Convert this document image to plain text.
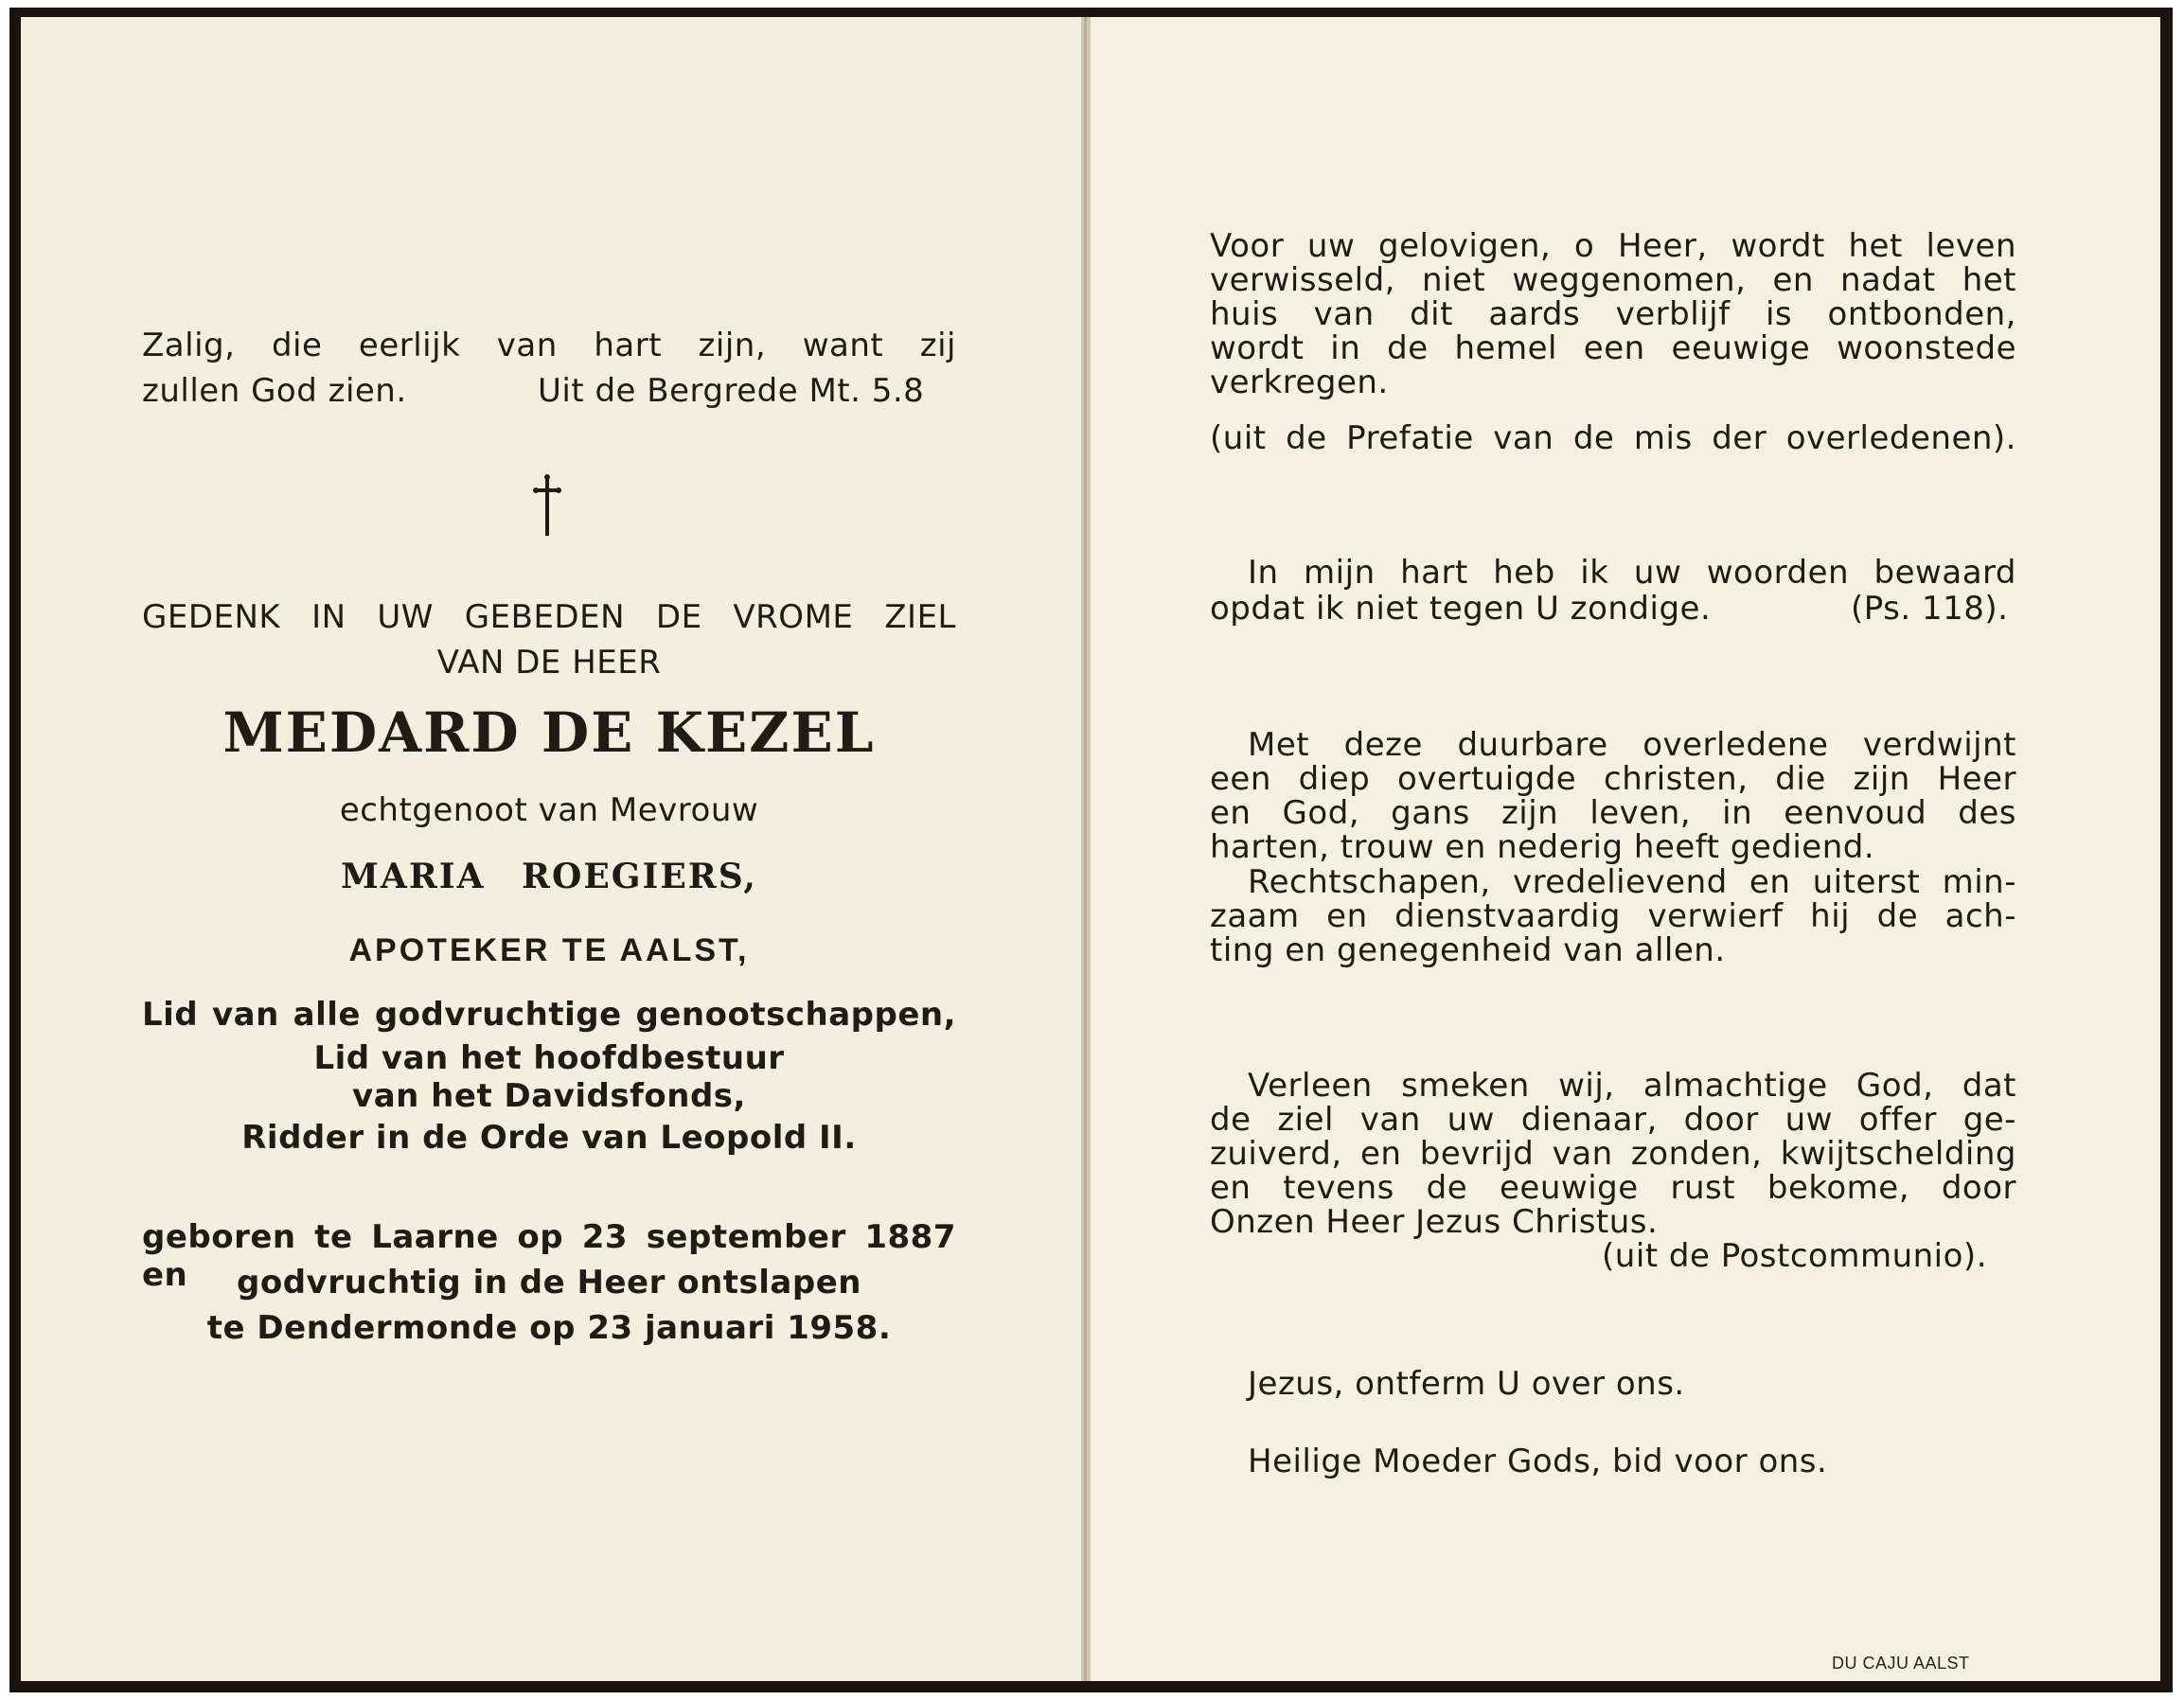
Zalig, die eerlijk van hart zijn, want zij
zullen God zien.	Uit de Bergrede Mt. 5.8
GEDENK IN UW GEBEDEN DE VROME ZIEL
VAN DE HEER
MEDARD DE KEZEL
echtgenoot van Mevrouw
MARIA ROEGIERS,
APOTEKER TE AALST,
Lid van alle godvruchtige genootschappen,
Lid van het hoofdbestuur
van het Davidsfonds,
Ridder in de Orde van Leopold II.
geboren te Laarne op 23 september 1887 en	godvruchtig in de Heer ontslapen
te Dendermonde op 23 januari 1958.
Voor uw gelovigen, o Heer, wordt het leven
verwisseld, niet weggenomen, en nadat het
huis van dit aards verblijf is ontbonden,
wordt in de hemel een eeuwige woonstede
verkregen.
(uit de Prefatie van de mis der overledenen).
In mijn hart heb ik uw woorden bewaard
opdat ik niet tegen U zondige.	(Ps. 118).
Met deze duurbare overledene verdwijnt
een diep overtuigde christen, die zijn Heer
en God, gans zijn leven, in eenvoud des
harten, trouw en nederig heeft gediend.
Rechtschapen, vredelievend en uiterst min-
zaam en dienstvaardig verwierf hij de ach-
ting en genegenheid van allen.
Verleen smeken wij, almachtige God, dat
de ziel van uw dienaar, door uw offer ge-
zuiverd, en bevrijd van zonden, kwijtschelding
en tevens de eeuwige rust bekome, door
Onzen Heer Jezus Christus.
(uit de Postcommunio).
Jezus, ontferm U over ons.
Heilige Moeder Gods, bid voor ons.
DU CAJU AALST
